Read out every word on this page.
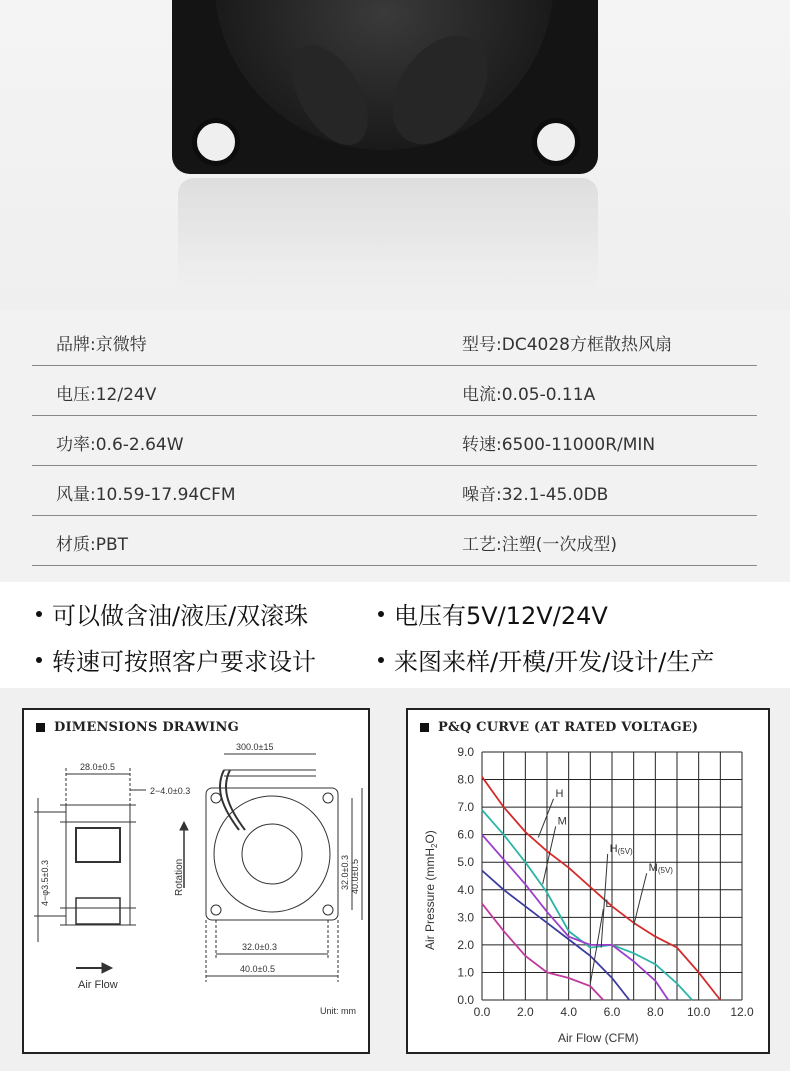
品牌:京微特	型号:DC4028方框散热风扇
电压:12/24V	电流:0.05-0.11A
功率:0.6-2.64W	转速:6500-11000R/MIN
风量:10.59-17.94CFM	噪音:32.1-45.0DB
材质:PBT	工艺:注塑(一次成型)
可以做含油/液压/双滚珠	电压有5V/12V/24V
转速可按照客户要求设计	来图来样/开模/开发/设计/生产
DIMENSIONS DRAWING
28.0±0.5
300.0±15
2−4.0±0.3
4−φ3.5±0.3	Rotation	32.0±0.3 40.0±0.5
32.0±0.3
40.0±0.5
Air Flow
Unit: mm
P&Q CURVE (AT RATED VOLTAGE)
0.0 2.0 4.0 6.0 8.0 10.0 12.0
0.0
1.0
2.0
3.0
4.0
5.0
6.0
7.0
8.0
9.0
H
M
H(5V)
M(5V)
L
Air Pressure (mmH$_2$O)
Air Flow (CFM)
